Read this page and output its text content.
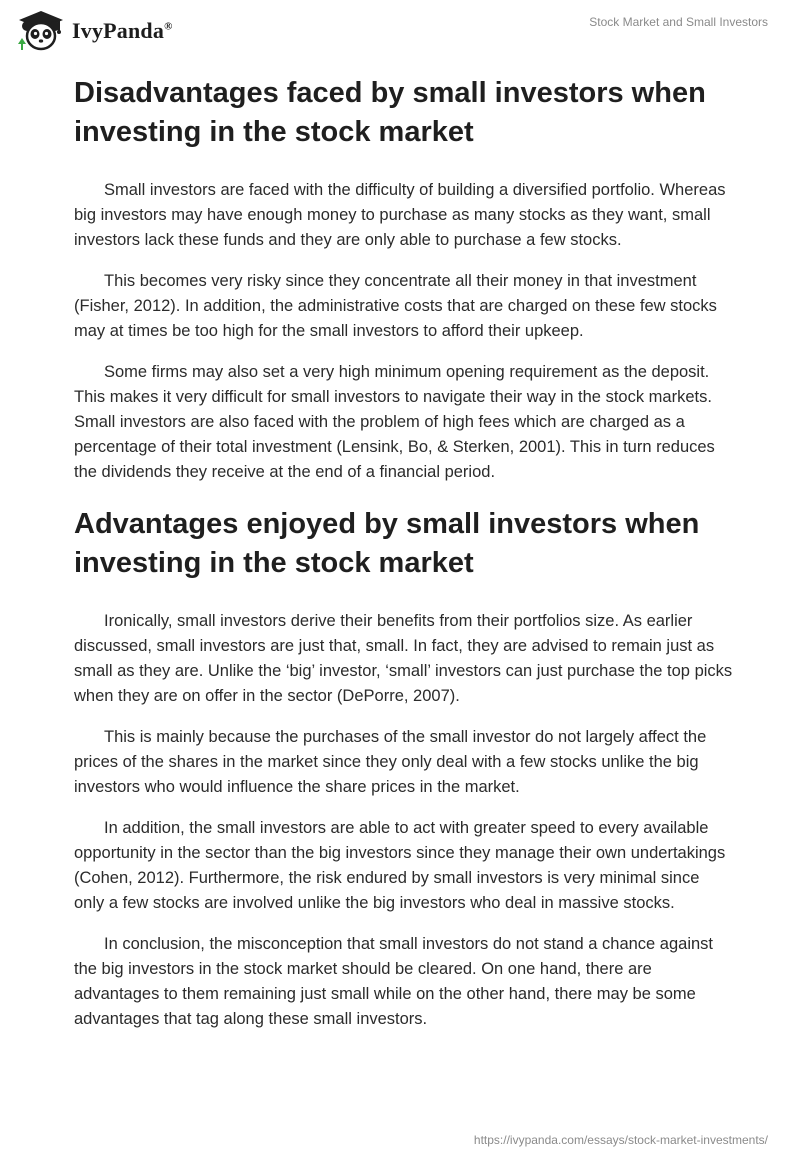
IvyPanda®	Stock Market and Small Investors
Disadvantages faced by small investors when investing in the stock market

Small investors are faced with the difficulty of building a diversified portfolio. Whereas big investors may have enough money to purchase as many stocks as they want, small investors lack these funds and they are only able to purchase a few stocks.

This becomes very risky since they concentrate all their money in that investment (Fisher, 2012). In addition, the administrative costs that are charged on these few stocks may at times be too high for the small investors to afford their upkeep.

Some firms may also set a very high minimum opening requirement as the deposit. This makes it very difficult for small investors to navigate their way in the stock markets. Small investors are also faced with the problem of high fees which are charged as a percentage of their total investment (Lensink, Bo, & Sterken, 2001). This in turn reduces the dividends they receive at the end of a financial period.

Advantages enjoyed by small investors when investing in the stock market

Ironically, small investors derive their benefits from their portfolios size. As earlier discussed, small investors are just that, small. In fact, they are advised to remain just as small as they are. Unlike the ‘big’ investor, ‘small’ investors can just purchase the top picks when they are on offer in the sector (DePorre, 2007).

This is mainly because the purchases of the small investor do not largely affect the prices of the shares in the market since they only deal with a few stocks unlike the big investors who would influence the share prices in the market.

In addition, the small investors are able to act with greater speed to every available opportunity in the sector than the big investors since they manage their own undertakings (Cohen, 2012). Furthermore, the risk endured by small investors is very minimal since only a few stocks are involved unlike the big investors who deal in massive stocks.

In conclusion, the misconception that small investors do not stand a chance against the big investors in the stock market should be cleared. On one hand, there are advantages to them remaining just small while on the other hand, there may be some advantages that tag along these small investors.

https://ivypanda.com/essays/stock-market-investments/
